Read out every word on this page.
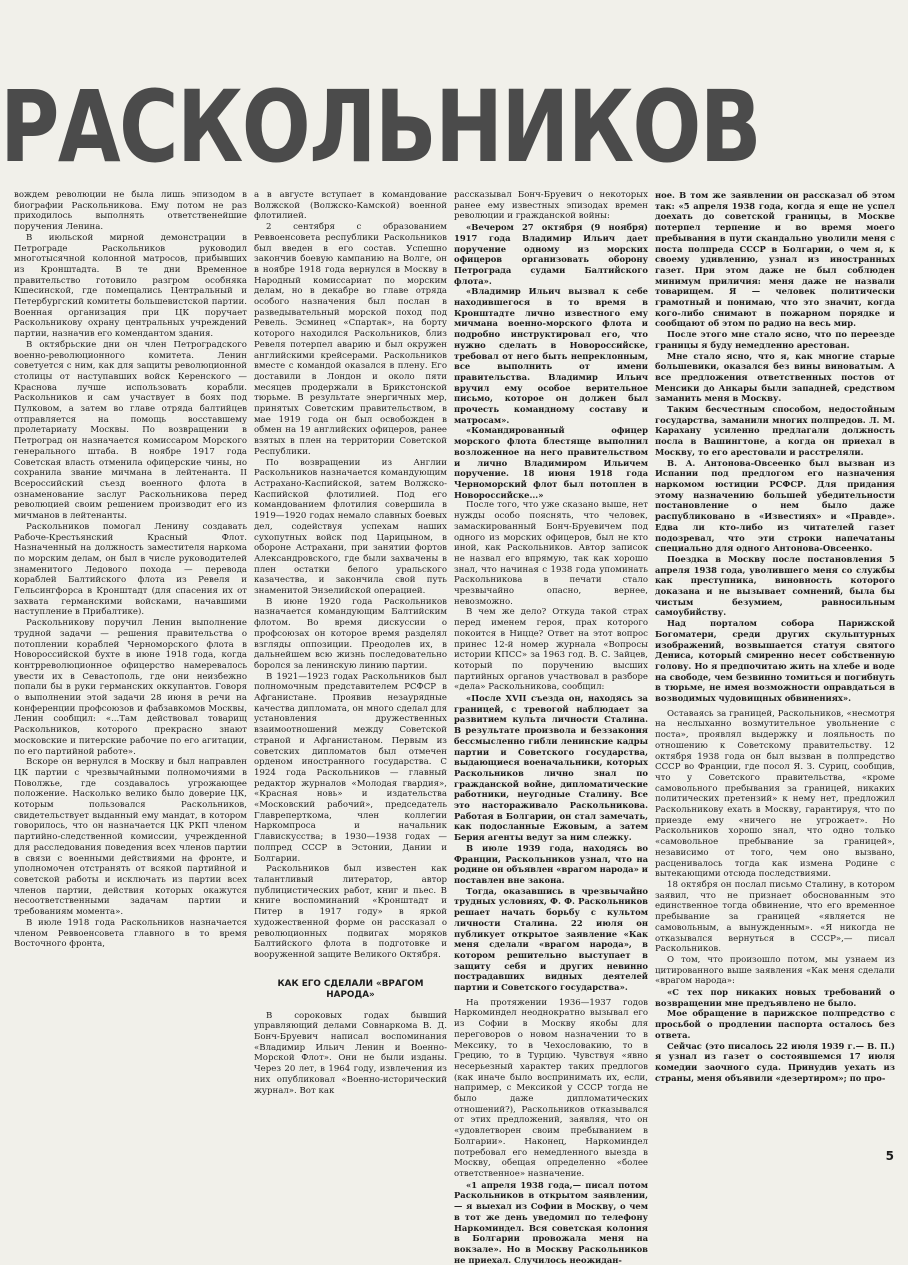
РАСКОЛЬНИКОВ

вождем революции не была лишь эпизодом в биографии Раскольникова. Ему потом не раз приходилось выполнять ответственейшие поручения Ленина.

В июльской мирной демонстрации в Петрограде Раскольников руководил многотысячной колонной матросов, прибывших из Кронштадта. В те дни Временное правительство готовило разгром особняка Кшесинской, где помещались Центральный и Петербургский комитеты большевистской партии. Военная организация при ЦК поручает Раскольникову охрану центральных учреждений партии, назначив его комендантом здания.

В октябрьские дни он член Петроградского военно-революционного комитета. Ленин советуется с ним, как для защиты революционной столицы от наступавших войск Керенского — Краснова лучше использовать корабли. Раскольников и сам участвует в боях под Пулковом, а затем во главе отряда балтийцев отправляется на помощь восставшему пролетариату Москвы. По возвращении в Петроград он назначается комиссаром Морского генерального штаба. В ноябре 1917 года Советская власть отменила офицерские чины, но сохранила звание мичмана в лейтенанта. II Всероссийский съезд военного флота в ознаменование заслуг Раскольникова перед революцией своим решением производит его из мичманов в лейтенанты.

Раскольников помогал Ленину создавать Рабоче-Крестьянский Красный Флот. Назначенный на должность заместителя наркома по морским делам, он был в числе руководителей знаменитого Ледового похода — перевода кораблей Балтийского флота из Ревеля и Гельсингфорса в Кронштадт (для спасения их от захвата германскими войсками, начавшими наступление в Прибалтике).

Раскольникову поручил Ленин выполнение трудной задачи — решения правительства о потоплении кораблей Черноморского флота в Новороссийской бухте в июне 1918 года, когда контрреволюционное офицерство намеревалось увести их в Севастополь, где они неизбежно попали бы в руки германских оккупантов. Говоря о выполнении этой задачи 28 июня в речи на конференции профсоюзов и фабзавкомов Москвы, Ленин сообщил: «...Там действовал товарищ Раскольников, которого прекрасно знают московские и питерские рабочие по его агитации, по его партийной работе».

Вскоре он вернулся в Москву и был направлен ЦК партии с чрезвычайными полномочиями в Поволжье, где создавалось угрожающее положение. Насколько велико было доверие ЦК, которым пользовался Раскольников, свидетельствует выданный ему мандат, в котором говорилось, что он назначается ЦК РКП членом партийно-следственной комиссии, учрежденной для расследования поведения всех членов партии в связи с военными действиями на фронте, и уполномочен отстранять от всякой партийной и советской работы и исключать из партии всех членов партии, действия которых окажутся несоответственными задачам партии и требованиям момента».

В июле 1918 года Раскольников назначается членом Реввоенсовета главного в то время Восточного фронта,

а в августе вступает в командование Волжской (Волжско-Камской) военной флотилией.

2 сентября с образованием Реввоенсовета республики Раскольников был введен в его состав. Успешно закончив боевую кампанию на Волге, он в ноябре 1918 года вернулся в Москву в Народный комиссариат по морским делам, но в декабре во главе отряда особого назначения был послан в разведывательный морской поход под Ревель. Эсминец «Спартак», на борту которого находился Раскольников, близ Ревеля потерпел аварию и был окружен английскими крейсерами. Раскольников вместе с командой оказался в плену. Его доставили в Лондон и около пяти месяцев продержали в Брикстонской тюрьме. В результате энергичных мер, принятых Советским правительством, в мае 1919 года он был освобожден в обмен на 19 английских офицеров, ранее взятых в плен на территории Советской Республики.

По возвращении из Англии Раскольников назначается командующим Астрахано-Каспийской, затем Волжско-Каспийской флотилией. Под его командованием флотилия совершила в 1919—1920 годах немало славных боевых дел, содействуя успехам наших сухопутных войск под Царицыном, в обороне Астрахани, при занятии фортов Александровского, где были захвачены в плен остатки белого уральского казачества, и закончила свой путь знаменитой Энзелийской операцией.

В июне 1920 года Раскольников назначается командующим Балтийским флотом. Во время дискуссии о профсоюзах он которое время разделял взгляды оппозиции. Преодолев их, в дальнейшем всю жизнь последовательно боролся за ленинскую линию партии.

В 1921—1923 годах Раскольников был полномочным представителем РСФСР в Афганистане. Проявив незаурядные качества дипломата, он много сделал для установления дружественных взаимоотношений между Советской страной и Афганистаном. Первым из советских дипломатов был отмечен орденом иностранного государства. С 1924 года Раскольников — главный редактор журналов «Молодая гвардия», «Красная новь» и издательства «Московский рабочий», председатель Главреперткома, член коллегии Наркомпроса и начальник Главискусства; в 1930—1938 годах — полпред СССР в Эстонии, Дании и Болгарии.

Раскольников был известен как талантливый литератор, автор публицистических работ, книг и пьес. В книге воспоминаний «Кронштадт и Питер в 1917 году» в яркой художественной форме он рассказал о революционных подвигах моряков Балтийского флота в подготовке и вооруженной защите Великого Октября.

КАК ЕГО СДЕЛАЛИ «ВРАГОМ НАРОДА»

В сороковых годах бывший управляющий делами Совнаркома В. Д. Бонч-Бруевич написал воспоминания «Владимир Ильич Ленин и Военно-Морской Флот». Они не были изданы. Через 20 лет, в 1964 году, извлечения из них опубликовал «Военно-исторический журнал». Вот как

рассказывал Бонч-Бруевич о некоторых ранее ему известных эпизодах времен революции и гражданской войны:

«Вечером 27 октября (9 ноября) 1917 года Владимир Ильич дает поручение одному из морских офицеров организовать оборону Петрограда судами Балтийского флота».

«Владимир Ильич вызвал к себе находившегося в то время в Кронштадте лично известного ему мичмана военно-морского флота и подробно инструктировал его, что нужно сделать в Новороссийске, требовал от него быть непреклонным, все выполнить от имени правительства. Владимир Ильич вручил ему особое верительное письмо, которое он должен был прочесть командному составу и матросам».

«Командированный офицер морского флота блестяще выполнил возложенное на него правительством и лично Владимиром Ильичем поручение. 18 июня 1918 года Черноморский флот был потоплен в Новороссийске...»

После того, что уже сказано выше, нет нужды особо пояснять, что человек, замаскированный Бонч-Бруевичем под одного из морских офицеров, был не кто иной, как Раскольников. Автор записок не назвал его впрямую, так как хорошо знал, что начиная с 1938 года упоминать Раскольникова в печати стало чрезвычайно опасно, вернее, невозможно.

В чем же дело? Откуда такой страх перед именем героя, прах которого покоится в Ницце? Ответ на этот вопрос принес 12-й номер журнала «Вопросы истории КПСС» за 1963 год. В. С. Зайцев, который по поручению высших партийных органов участвовал в разборе «дела» Раскольникова, сообщил:

«После XVII съезда он, находясь за границей, с тревогой наблюдает за развитием культа личности Сталина. В результате произвола и беззакония бессмысленно гибли ленинские кадры партии и Советского государства, выдающиеся военачальники, которых Раскольников лично знал по гражданской войне, дипломатические работники, неугодные Сталину. Все это настораживало Раскольникова. Работая в Болгарии, он стал замечать, как подосланные Ежовым, а затем Берия агенты ведут за ним слежку.

В июле 1939 года, находясь во Франции, Раскольников узнал, что на родине он объявлен «врагом народа» и поставлен вне закона.

Тогда, оказавшись в чрезвычайно трудных условиях, Ф. Ф. Раскольников решает начать борьбу с культом личности Сталина. 22 июля он публикует открытое заявление «Как меня сделали «врагом народа», в котором решительно выступает в защиту себя и других невинно пострадавших видных деятелей партии и Советского государства».

На протяжении 1936—1937 годов Наркоминдел неоднократно вызывал его из Софии в Москву якобы для переговоров о новом назначении то в Мексику, то в Чехословакию, то в Грецию, то в Турцию. Чувствуя «явно несерьезный характер таких предлогов (как иначе было воспринимать их, если, например, с Мексикой у СССР тогда не было даже дипломатических отношений?), Раскольников отказывался от этих предложений, заявляя, что он «удовлетворен своим пребыванием в Болгарии». Наконец, Наркоминдел потребовал его немедленного выезда в Москву, обещая определенно «более ответственное» назначение.

«1 апреля 1938 года,— писал потом Раскольников в открытом заявлении,— я выехал из Софии в Москву, о чем в тот же день уведомил по телефону Наркоминдел. Вся советская колония в Болгарии провожала меня на вокзале». Но в Москву Раскольников не приехал. Случилось неожидан-

ное. В том же заявлении он рассказал об этом так: «5 апреля 1938 года, когда я еще не успел доехать до советской границы, в Москве потерпел терпение и во время моего пребывания в пути скандально уволили меня с поста полпреда СССР в Болгарии, о чем я, к своему удивлению, узнал из иностранных газет. При этом даже не был соблюден минимум приличия: меня даже не назвали товарищем. Я — человек политически грамотный и понимаю, что это значит, когда кого-либо снимают в пожарном порядке и сообщают об этом по радио на весь мир.

После этого мне стало ясно, что по переезде границы я буду немедленно арестован.

Мне стало ясно, что я, как многие старые большевики, оказался без вины виноватым. А все предложения ответственных постов от Менсики до Анкары были западней, средством заманить меня в Москву.

Таким бесчестным способом, недостойным государства, заманили многих полпредов. Л. М. Карахану усиленно предлагали должность посла в Вашингтоне, а когда он приехал в Москву, то его арестовали и расстреляли.

В. А. Антонова-Овсеенко был вызван из Испании под предлогом его назначения наркомом юстиции РСФСР. Для придания этому назначению большей убедительности постановление о нем было даже распубликовано в «Известиях» и «Правде». Едва ли кто-либо из читателей газет подозревал, что эти строки напечатаны специально для одного Антонова-Овсеенко.

Поездка в Москву после постановления 5 апреля 1938 года, уволившего меня со службы как преступника, виновность которого доказана и не вызывает сомнений, была бы чистым безумием, равносильным самоубийству.

Над порталом собора Парижской Богоматери, среди других скульптурных изображений, возвышается статуя святого Дениса, который смиренно несет собственную голову. Но я предпочитаю жить на хлебе и воде на свободе, чем безвинно томиться и погибнуть в тюрьме, не имея возможности оправдаться в возводимых чудовищных обвинениях».

Оставаясь за границей, Раскольников, «несмотря на неслыханно возмутительное увольнение с поста», проявлял выдержку и лояльность по отношению к Советскому правительству. 12 октября 1938 года он был вызван в полпредство СССР во Франции, где посол Я. З. Суриц, сообщив, что у Советского правительства, «кроме самовольного пребывания за границей, никаких политических претензий» к нему нет, предложил Раскольникову ехать в Москву, гарантируя, что по приезде ему «ничего не угрожает». Но Раскольников хорошо знал, что одно только «самовольное пребывание за границей», независимо от того, чем оно вызвано, расценивалось тогда как измена Родине с вытекающими отсюда последствиями.

18 октября он послал письмо Сталину, в котором заявил, что не признает обоснованным это единственное тогда обвинение, что его временное пребывание за границей «является не самовольным, а вынужденным». «Я никогда не отказывался вернуться в СССР»,— писал Раскольников.

О том, что произошло потом, мы узнаем из цитированного выше заявления «Как меня сделали «врагом народа»:

«С тех пор никаких новых требований о возвращении мне предъявлено не было.

Мое обращение в парижское полпредство с просьбой о продлении паспорта осталось без ответа.

Сейчас (это писалось 22 июля 1939 г.— В. П.) я узнал из газет о состоявшемся 17 июля комедии заочного суда. Принудив уехать из страны, меня объявили «дезертиром»; по про-

5
